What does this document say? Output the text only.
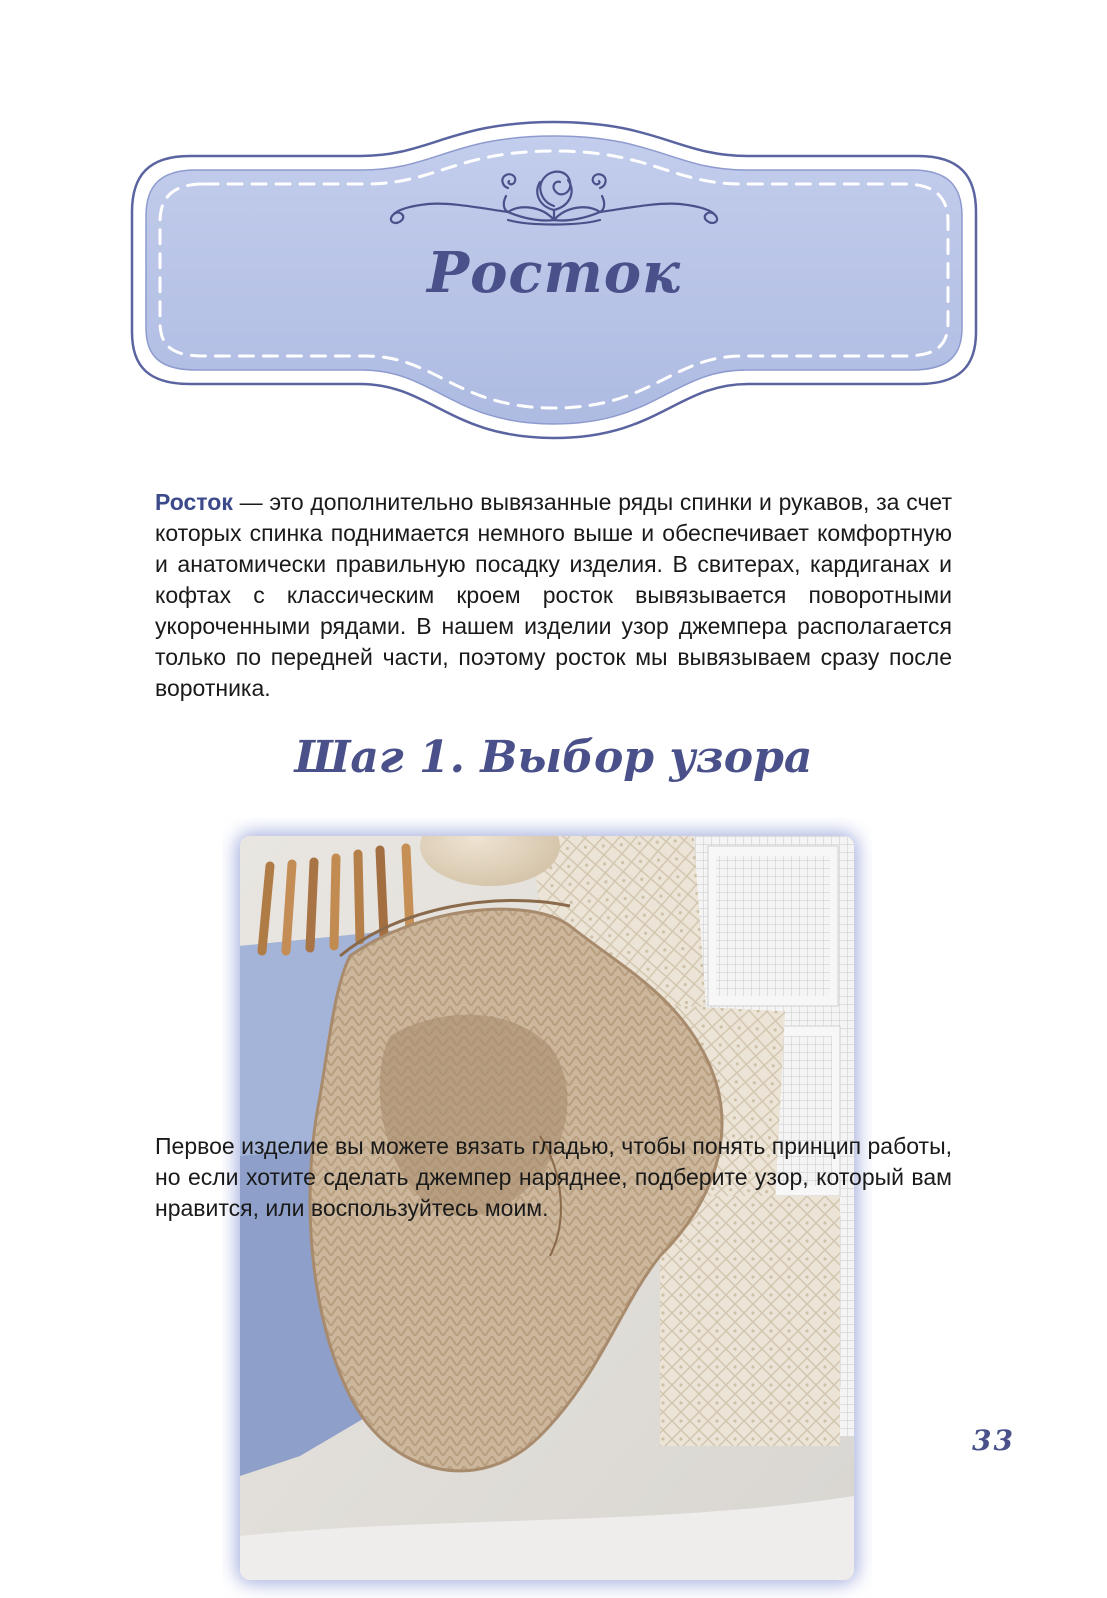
Росток

Росток — это дополнительно вывязанные ряды спинки и рукавов, за счет которых спинка поднимается немного выше и обеспечивает комфортную и анатомически правильную посадку изделия. В свитерах, кардиганах и кофтах с классическим кроем росток вывязывается поворотными укороченными рядами. В нашем изделии узор джемпера располагается только по передней части, поэтому росток мы вывязываем сразу после воротника.

Шаг 1. Выбор узора

Первое изделие вы можете вязать гладью, чтобы понять принцип работы, но если хотите сделать джемпер наряднее, подберите узор, который вам нравится, или воспользуйтесь моим.

33
